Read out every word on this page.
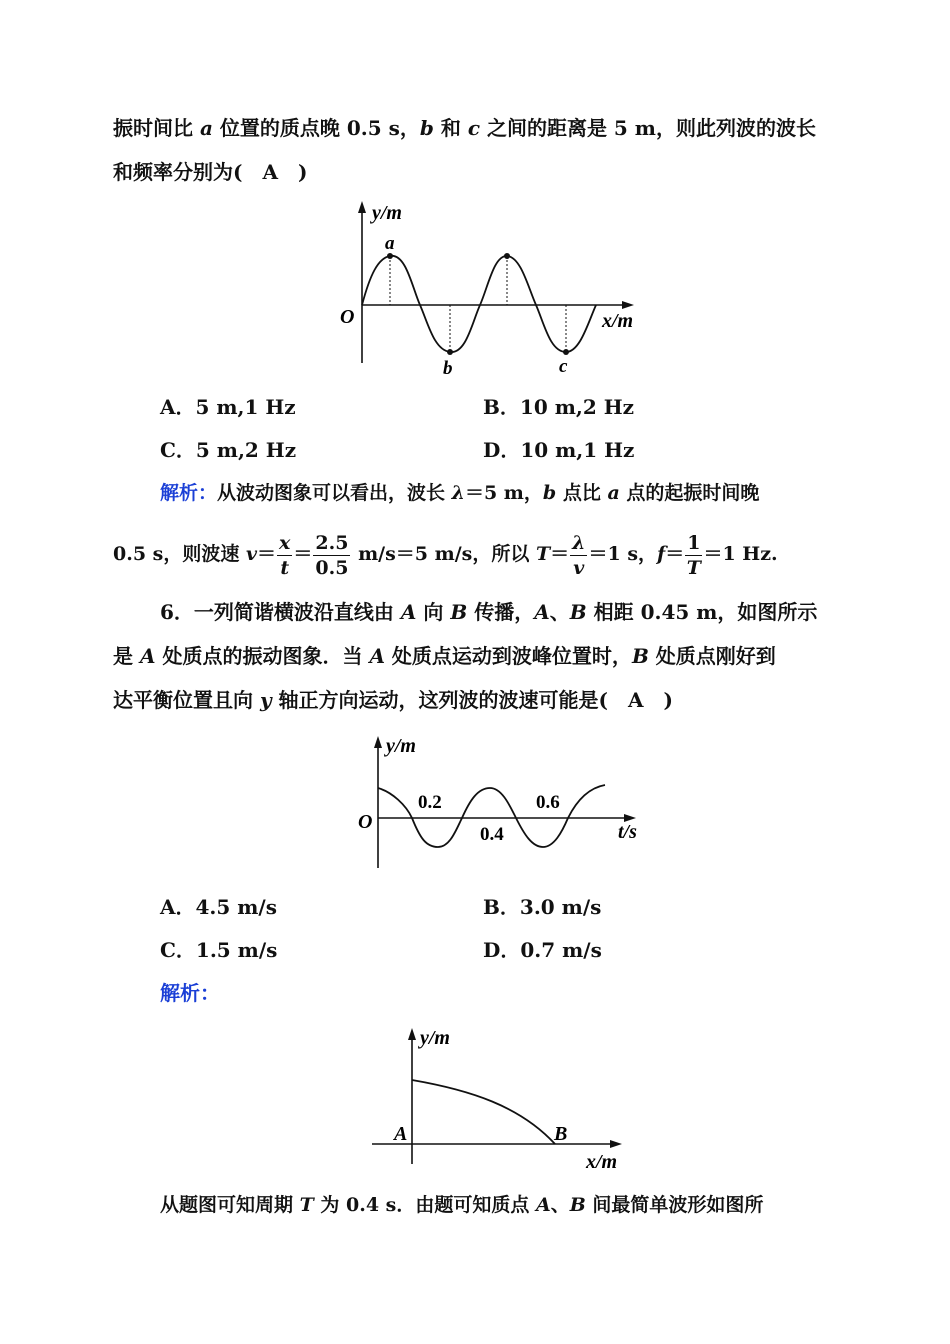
振时间比 a 位置的质点晚 0.5 s，b 和 c 之间的距离是 5 m，则此列波的波长
和频率分别为(　A　)
y/m
a
O	x/m
b	c
A．5 m,1 Hz	B．10 m,2 Hz
C．5 m,2 Hz	D．10 m,1 Hz
解析：从波动图象可以看出，波长 λ＝5 m，b 点比 a 点的起振时间晚
0.5 s，则波速 $v= \frac{x}{t} = \frac{2.5}{0.5} m/s=5$ m/s，所以 $T= \frac{\lambda}{v} =1$ s，$f= \frac{1}{T} =1$ Hz.
6．一列简谐横波沿直线由 A 向 B 传播，A、B 相距 0.45 m，如图所示
是 A 处质点的振动图象．当 A 处质点运动到波峰位置时，B 处质点刚好到
达平衡位置且向 y 轴正方向运动，这列波的波速可能是(　A　)
y/m
0.2	0.6
O
0.4	t/s
A．4.5 m/s	B．3.0 m/s
C．1.5 m/s	D．0.7 m/s
解析：
y/m
A	B
x/m
从题图可知周期 T 为 0.4 s．由题可知质点 A、B 间最简单波形如图所
